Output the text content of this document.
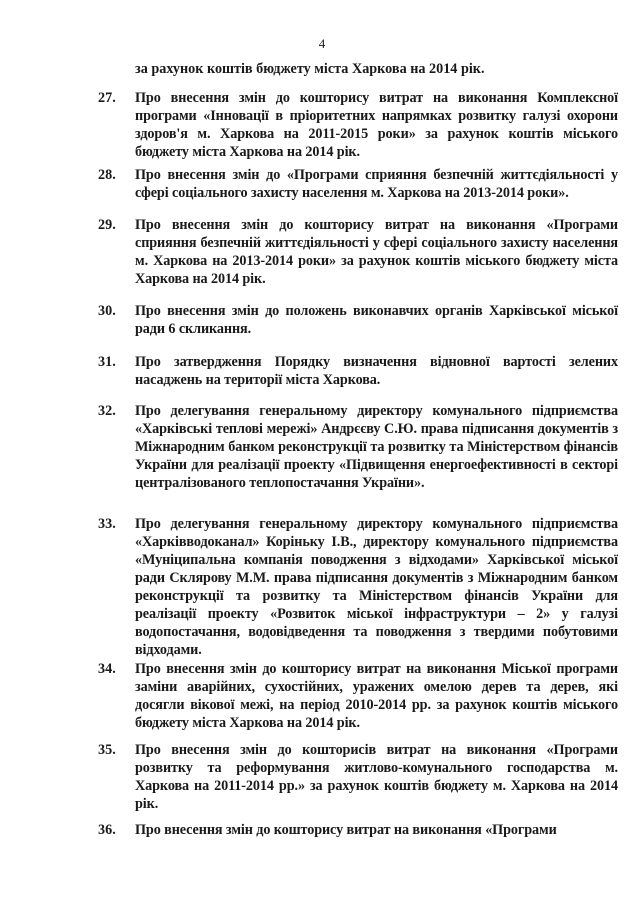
4
за рахунок коштів бюджету міста Харкова на 2014 рік.
27.	Про внесення змін до кошторису витрат на виконання Комплексної програми «Інновації в пріоритетних напрямках розвитку галузі охорони здоров'я м. Харкова на 2011-2015 роки» за рахунок коштів міського бюджету міста Харкова на 2014 рік.
28.	Про внесення змін до «Програми сприяння безпечній життєдіяльності у сфері соціального захисту населення м. Харкова на 2013-2014 роки».
29.	Про внесення змін до кошторису витрат на виконання «Програми сприяння безпечній життєдіяльності у сфері соціального захисту населення м. Харкова на 2013-2014 роки» за рахунок коштів міського бюджету міста Харкова на 2014 рік.
30.	Про внесення змін до положень виконавчих органів Харківської міської ради 6 скликання.
31.	Про затвердження Порядку визначення відновної вартості зелених насаджень на території міста Харкова.
32.	Про делегування генеральному директору комунального підприємства «Харківські теплові мережі» Андрєєву С.Ю. права підписання документів з Міжнародним банком реконструкції та розвитку та Міністерством фінансів України для реалізації проекту «Підвищення енергоефективності в секторі централізованого теплопостачання України».
33.	Про делегування генеральному директору комунального підприємства «Харківводоканал» Коріньку І.В., директору комунального підприємства «Муніципальна компанія поводження з відходами» Харківської міської ради Склярову М.М. права підписання документів з Міжнародним банком реконструкції та розвитку та Міністерством фінансів України для реалізації проекту «Розвиток міської інфраструктури – 2» у галузі водопостачання, водовідведення та поводження з твердими побутовими відходами.
34.	Про внесення змін до кошторису витрат на виконання Міської програми заміни аварійних, сухостійних, уражених омелою дерев та дерев, які досягли вікової межі, на період 2010-2014 рр. за рахунок коштів міського бюджету міста Харкова на 2014 рік.
35.	Про внесення змін до кошторисів витрат на виконання «Програми розвитку та реформування житлово-комунального господарства м. Харкова на 2011-2014 рр.» за рахунок коштів бюджету м. Харкова на 2014 рік.
36.	Про внесення змін до кошторису витрат на виконання «Програми
